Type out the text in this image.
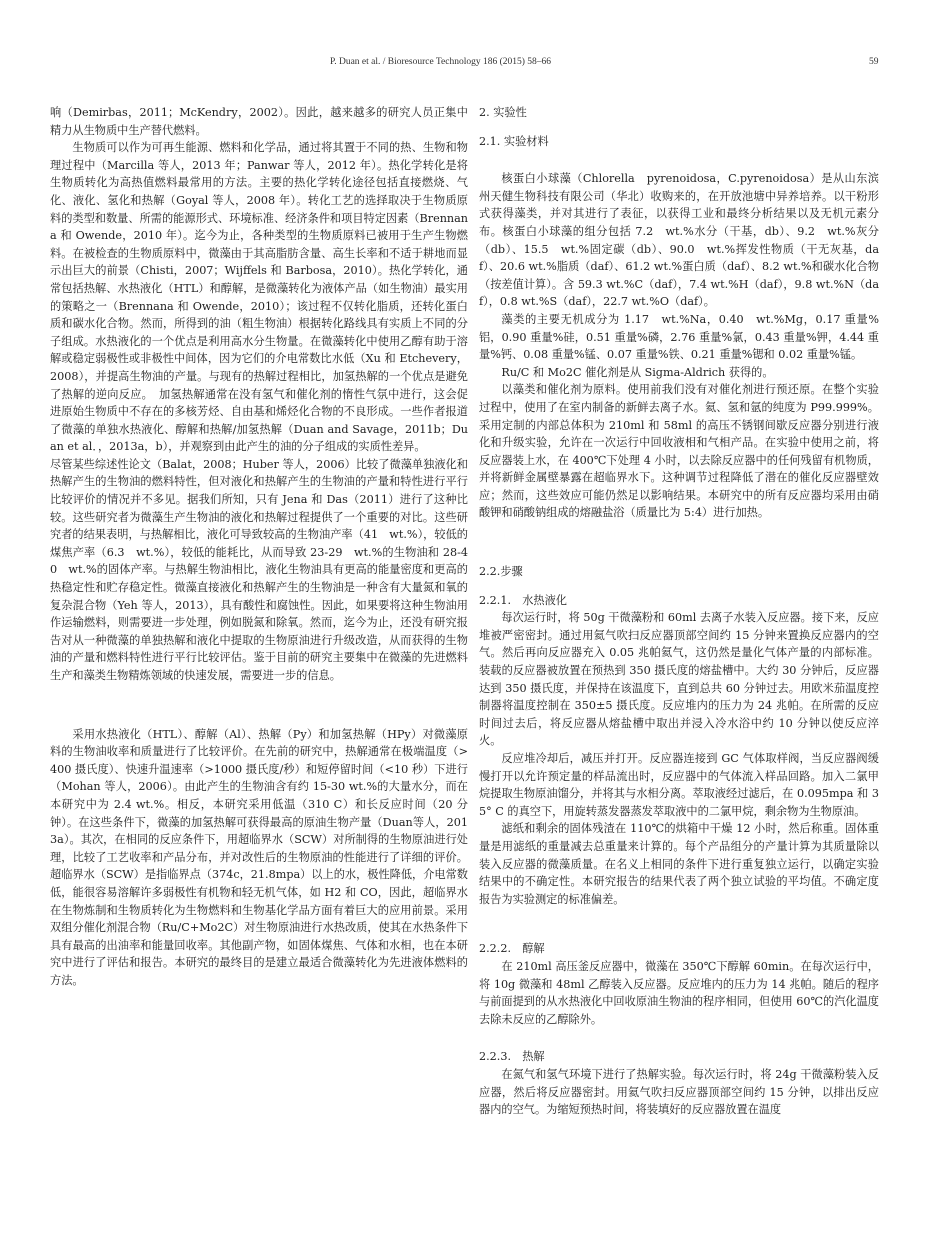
P. Duan et al. / Bioresource Technology 186 (2015) 58–66	59

响（Demirbas，2011；McKendry，2002）。因此，越来越多的研究人员正集中精力从生物质中生产替代燃料。

生物质可以作为可再生能源、燃料和化学品，通过将其置于不同的热、生物和物理过程中（Marcilla 等人，2013 年；Panwar 等人，2012 年）。热化学转化是将生物质转化为高热值燃料最常用的方法。主要的热化学转化途径包括直接燃烧、气化、液化、氢化和热解（Goyal 等人，2008 年）。转化工艺的选择取决于生物质原料的类型和数量、所需的能源形式、环境标准、经济条件和项目特定因素（Brennana 和 Owende，2010 年）。迄今为止，各种类型的生物质原料已被用于生产生物燃料。在被检查的生物质原料中，微藻由于其高脂肪含量、高生长率和不适于耕地而显示出巨大的前景（Chisti，2007；Wijffels 和 Barbosa，2010）。热化学转化，通常包括热解、水热液化（HTL）和醇解，是微藻转化为液体产品（如生物油）最实用的策略之一（Brennana 和 Owende，2010）；该过程不仅转化脂质，还转化蛋白质和碳水化合物。然而，所得到的油（粗生物油）根据转化路线具有实质上不同的分子组成。水热液化的一个优点是利用高水分生物量。在微藻转化中使用乙醇有助于溶解或稳定弱极性或非极性中间体，因为它们的介电常数比水低（Xu 和 Etchevery，2008），并提高生物油的产量。与现有的热解过程相比，加氢热解的一个优点是避免了热解的逆向反应。　加氢热解通常在没有氢气和催化剂的惰性气氛中进行，这会促进原始生物质中不存在的多核芳烃、自由基和烯烃化合物的不良形成。一些作者报道了微藻的单独水热液化、醇解和热解/加氢热解（Duan and Savage，2011b；Duan et al．，2013a，b），并观察到由此产生的油的分子组成的实质性差异。

尽管某些综述性论文（Balat，2008；Huber 等人，2006）比较了微藻单独液化和热解产生的生物油的燃料特性，但对液化和热解产生的生物油的产量和特性进行平行比较评价的情况并不多见。据我们所知，只有 Jena 和 Das（2011）进行了这种比较。这些研究者为微藻生产生物油的液化和热解过程提供了一个重要的对比。这些研究者的结果表明，与热解相比，液化可导致较高的生物油产率（41　wt.%），较低的煤焦产率（6.3　wt.%），较低的能耗比，从而导致 23-29　wt.%的生物油和 28-40　wt.%的固体产率。与热解生物油相比，液化生物油具有更高的能量密度和更高的热稳定性和贮存稳定性。微藻直接液化和热解产生的生物油是一种含有大量氮和氧的复杂混合物（Yeh 等人，2013），具有酸性和腐蚀性。因此，如果要将这种生物油用作运输燃料，则需要进一步处理，例如脱氮和除氧。然而，迄今为止，还没有研究报告对从一种微藻的单独热解和液化中提取的生物原油进行升级改造，从而获得的生物油的产量和燃料特性进行平行比较评估。鉴于目前的研究主要集中在微藻的先进燃料生产和藻类生物精炼领域的快速发展，需要进一步的信息。

采用水热液化（HTL）、醇解（Al）、热解（Py）和加氢热解（HPy）对微藻原料的生物油收率和质量进行了比较评价。在先前的研究中，热解通常在极端温度（>400 摄氏度）、快速升温速率（>1000 摄氏度/秒）和短停留时间（<10 秒）下进行（Mohan 等人，2006）。由此产生的生物油含有约 15-30 wt.%的大量水分，而在本研究中为 2.4 wt.%。相反，本研究采用低温（310 C）和长反应时间（20 分钟）。在这些条件下，微藻的加氢热解可获得最高的原油生物产量（Duan等人，2013a）。其次，在相同的反应条件下，用超临界水（SCW）对所制得的生物原油进行处理，比较了工艺收率和产品分布，并对改性后的生物原油的性能进行了详细的评价。超临界水（SCW）是指临界点（374c，21.8mpa）以上的水，极性降低，介电常数低，能很容易溶解许多弱极性有机物和轻无机气体，如 H2 和 CO，因此，超临界水在生物炼制和生物质转化为生物燃料和生物基化学品方面有着巨大的应用前景。采用双组分催化剂混合物（Ru/C+Mo2C）对生物原油进行水热改质，使其在水热条件下具有最高的出油率和能量回收率。其他副产物，如固体煤焦、气体和水相，也在本研究中进行了评估和报告。本研究的最终目的是建立最适合微藻转化为先进液体燃料的方法。

2. 实验性
2.1. 实验材料

核蛋白小球藻（Chlorella　pyrenoidosa，C.pyrenoidosa）是从山东滨州天健生物科技有限公司（华北）收购来的，在开放池塘中异养培养。以干粉形式获得藻类，并对其进行了表征，以获得工业和最终分析结果以及无机元素分布。核蛋白小球藻的组分包括 7.2　wt.%水分（干基，db）、9.2　wt.%灰分（db）、15.5　wt.%固定碳（db）、90.0　wt.%挥发性物质（干无灰基，daf）、20.6 wt.%脂质（daf）、61.2 wt.%蛋白质（daf）、8.2 wt.%和碳水化合物（按差值计算）。含 59.3 wt.%C（daf），7.4 wt.%H（daf），9.8 wt.%N（daf），0.8 wt.%S（daf），22.7 wt.%O（daf）。

藻类的主要无机成分为 1.17　wt.%Na，0.40　wt.%Mg，0.17 重量%铝，0.90 重量%硅，0.51 重量%磷，2.76 重量%氯，0.43 重量%钾，4.44 重量%钙、0.08 重量%锰、0.07 重量%铁、0.21 重量%锶和 0.02 重量%锰。

Ru/C 和 Mo2C 催化剂是从 Sigma-Aldrich 获得的。

以藻类和催化剂为原料。使用前我们没有对催化剂进行预还原。在整个实验过程中，使用了在室内制备的新鲜去离子水。氦、氢和氩的纯度为 P99.999%。采用定制的内部总体积为 210ml 和 58ml 的高压不锈钢间歇反应器分别进行液化和升级实验，允许在一次运行中回收液相和气相产品。在实验中使用之前，将反应器装上水，在 400℃下处理 4 小时，以去除反应器中的任何残留有机物质，并将新鲜金属壁暴露在超临界水下。这种调节过程降低了潜在的催化反应器壁效应；然而，这些效应可能仍然足以影响结果。本研究中的所有反应器均采用由硝酸钾和硝酸钠组成的熔融盐浴（质量比为 5:4）进行加热。

2.2.步骤
2.2.1.　水热液化

每次运行时，将 50g 干微藻粉和 60ml 去离子水装入反应器。接下来，反应堆被严密密封。通过用氦气吹扫反应器顶部空间约 15 分钟来置换反应器内的空气。然后再向反应器充入 0.05 兆帕氦气，这仍然是量化气体产量的内部标准。装载的反应器被放置在预热到 350 摄氏度的熔盐槽中。大约 30 分钟后，反应器达到 350 摄氏度，并保持在该温度下，直到总共 60 分钟过去。用欧米茄温度控制器将温度控制在 350±5 摄氏度。反应堆内的压力为 24 兆帕。在所需的反应时间过去后，将反应器从熔盐槽中取出并浸入冷水浴中约 10 分钟以使反应淬火。

反应堆冷却后，减压并打开。反应器连接到 GC 气体取样阀，当反应器阀缓慢打开以允许预定量的样品流出时，反应器中的气体流入样品回路。加入二氯甲烷提取生物原油馏分，并将其与水相分离。萃取液经过滤后，在 0.095mpa 和 35° C 的真空下，用旋转蒸发器蒸发萃取液中的二氯甲烷，剩余物为生物原油。

滤纸和剩余的固体残渣在 110℃的烘箱中干燥 12 小时，然后称重。固体重量是用滤纸的重量减去总重量来计算的。每个产品组分的产量计算为其质量除以装入反应器的微藻质量。在名义上相同的条件下进行重复独立运行，以确定实验结果中的不确定性。本研究报告的结果代表了两个独立试验的平均值。不确定度报告为实验测定的标准偏差。

2.2.2.　醇解

在 210ml 高压釜反应器中，微藻在 350℃下醇解 60min。在每次运行中，将 10g 微藻和 48ml 乙醇装入反应器。反应堆内的压力为 14 兆帕。随后的程序与前面提到的从水热液化中回收原油生物油的程序相同，但使用 60℃的汽化温度去除未反应的乙醇除外。

2.2.3.　热解

在氮气和氢气环境下进行了热解实验。每次运行时，将 24g 干微藻粉装入反应器，然后将反应器密封。用氦气吹扫反应器顶部空间约 15 分钟，以排出反应器内的空气。为缩短预热时间，将装填好的反应器放置在温度
